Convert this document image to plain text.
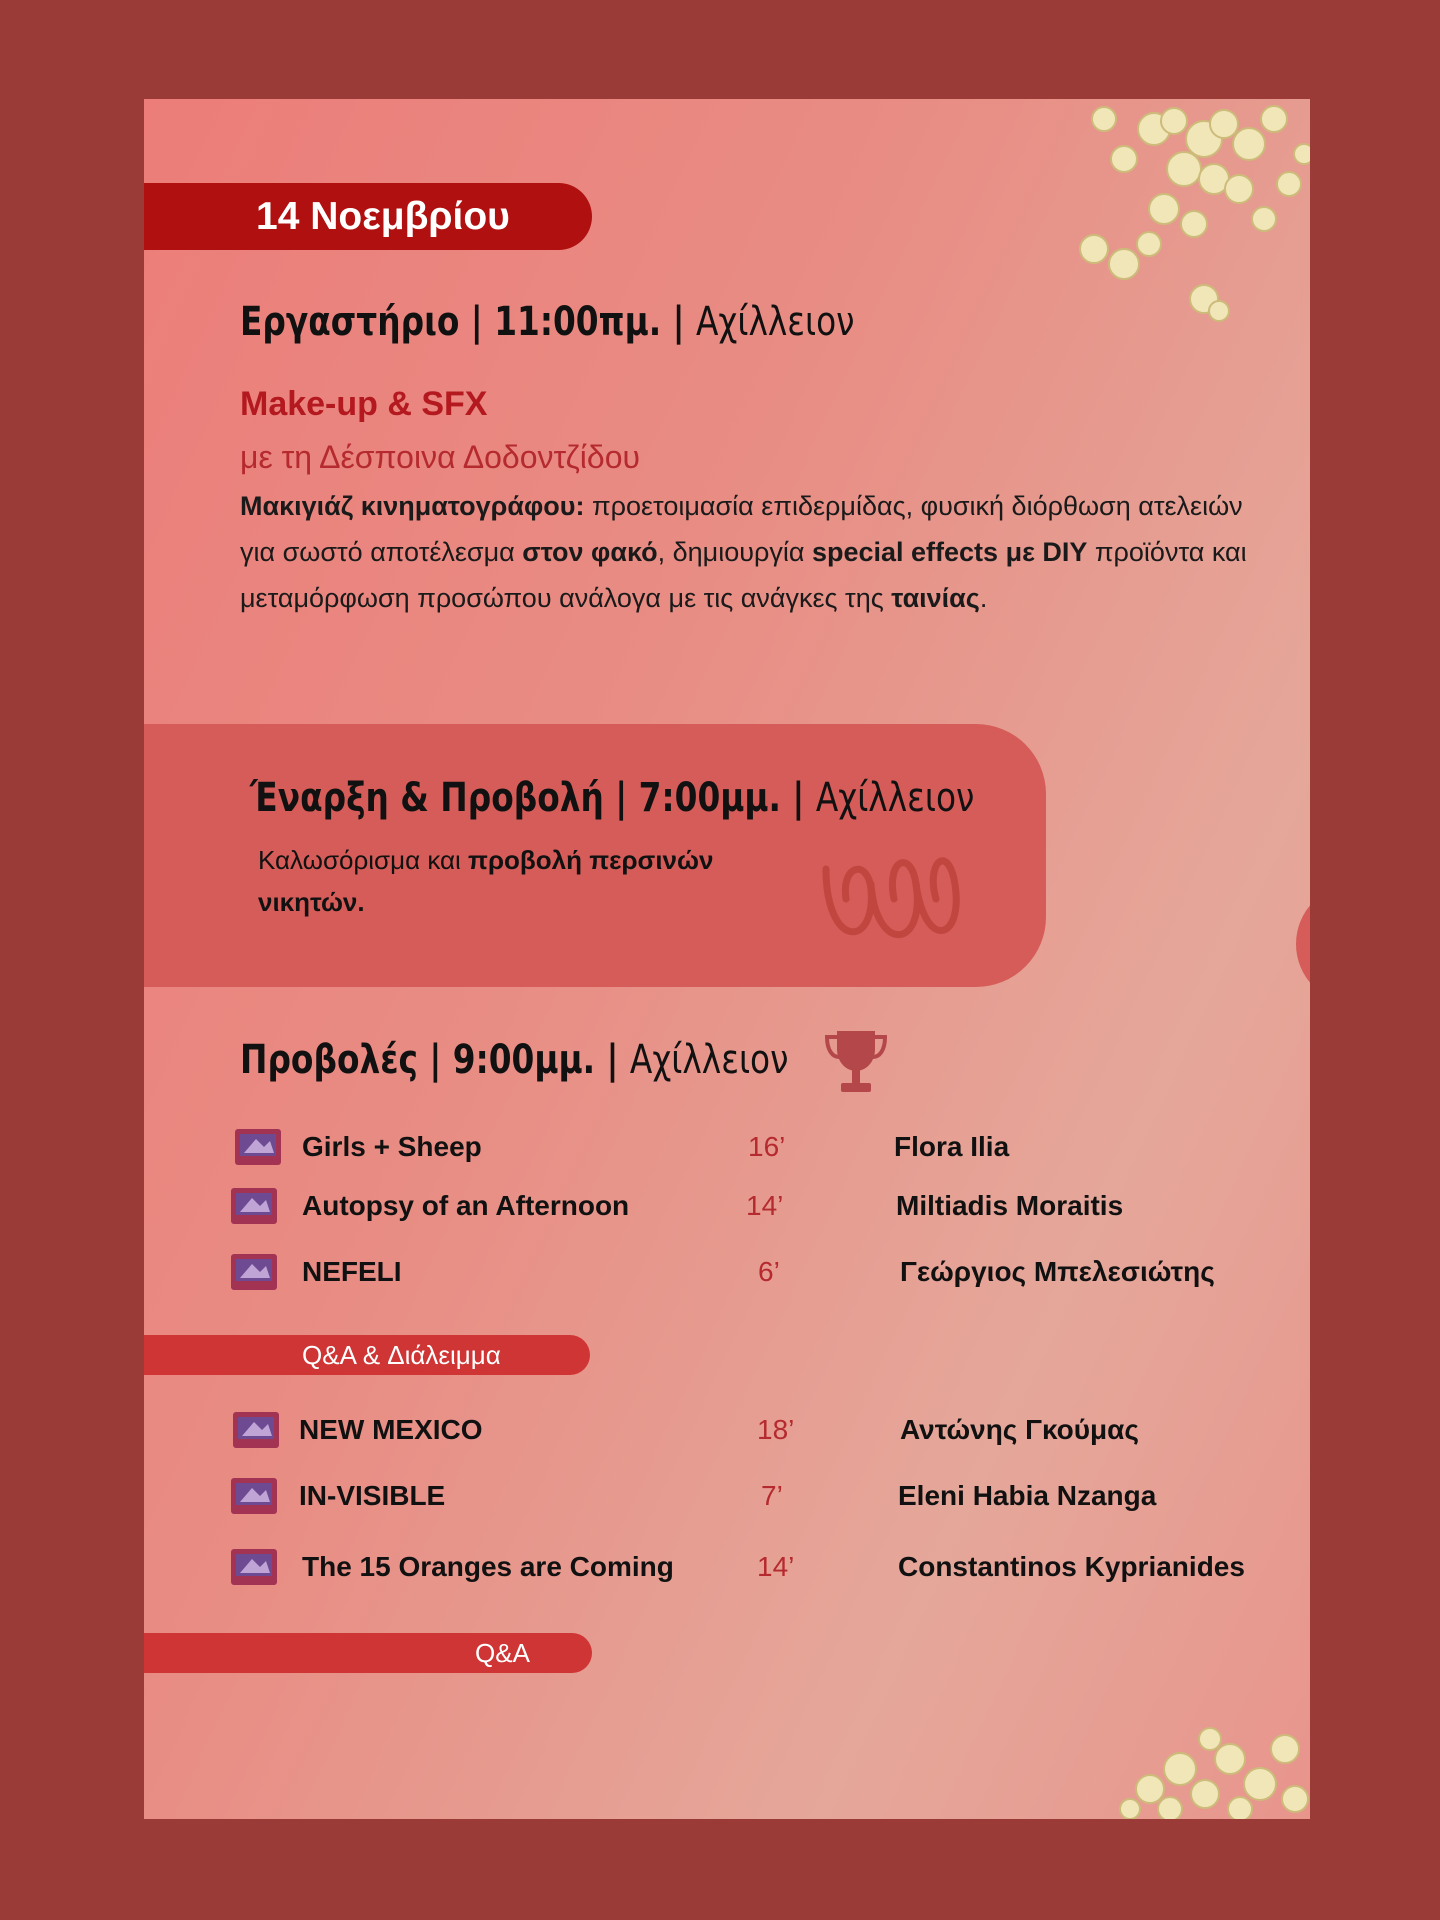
14 Νοεμβρίου
Εργαστήριο | 11:00πμ. | Αχίλλειον
Make-up & SFX
με τη Δέσποινα Δοδοντζίδου
Μακιγιάζ κινηματογράφου: προετοιμασία επιδερμίδας, φυσική διόρθωση ατελειών για σωστό αποτέλεσμα στον φακό, δημιουργία special effects με DIY προϊόντα και μεταμόρφωση προσώπου ανάλογα με τις ανάγκες της ταινίας.
Έναρξη & Προβολή | 7:00μμ. | Αχίλλειον
Καλωσόρισμα και προβολή περσινών νικητών.
Προβολές | 9:00μμ. | Αχίλλειον
Girls + Sheep	16’	Flora Ilia
Autopsy of an Afternoon	14’	Miltiadis Moraitis
NEFELI	6’	Γεώργιος Μπελεσιώτης
Q&A & Διάλειμμα
NEW MEXICO	18’	Αντώνης Γκούμας
IN-VISIBLE	7’	Eleni Habia Nzanga
The 15 Oranges are Coming	14’	Constantinos Kyprianides
Q&A
